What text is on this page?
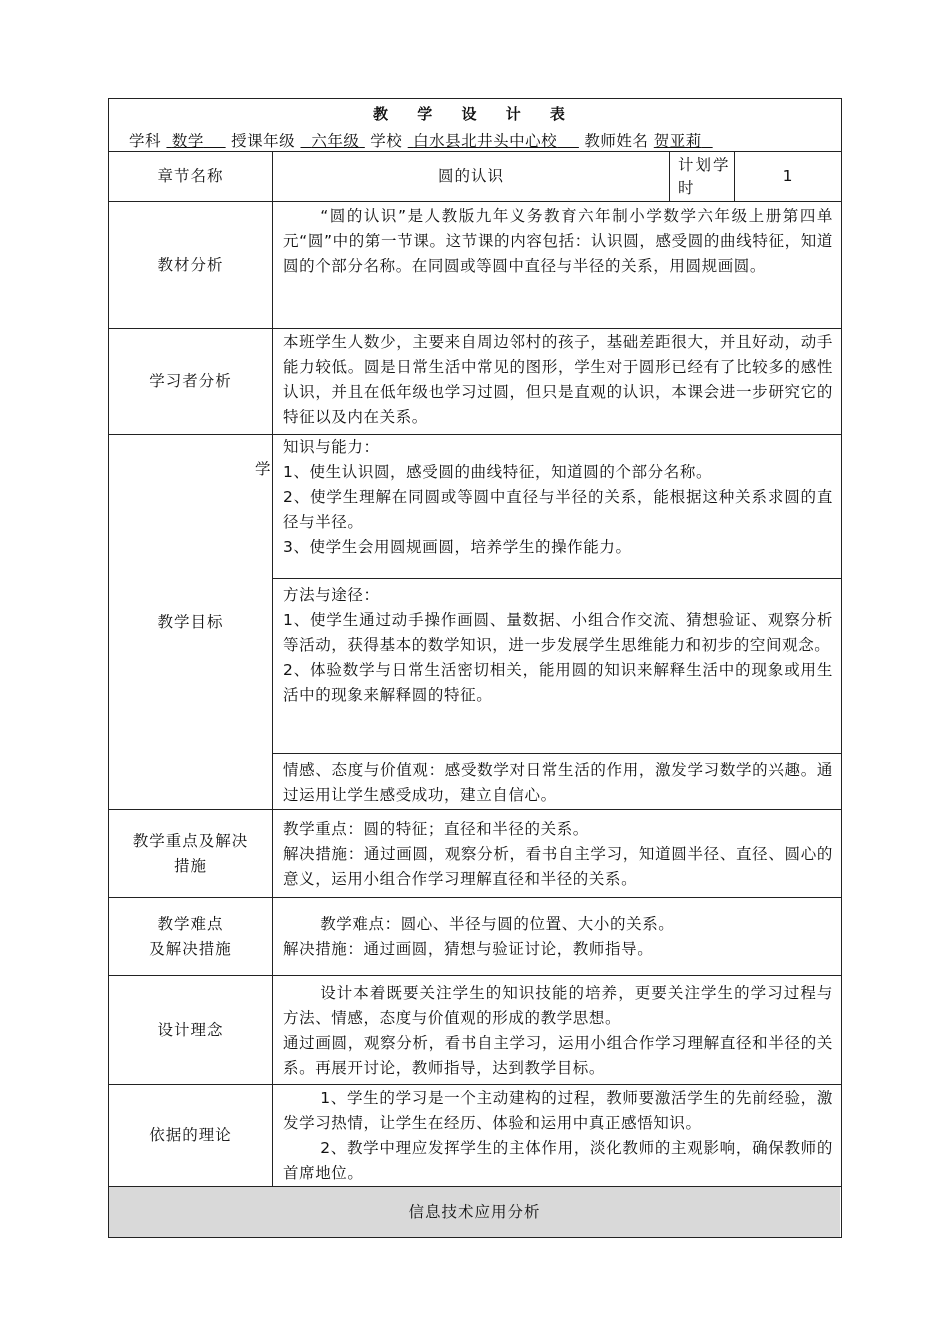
教 学 设 计 表
学科 数学 授课年级 六年级 学校 白水县北井头中心校 教师姓名 贺亚莉
章节名称	圆的认识
计划学时
1
教材分析

“圆的认识”是人教版九年义务教育六年制小学数学六年级上册第四单元“圆”中的第一节课。这节课的内容包括：认识圆，感受圆的曲线特征，知道圆的个部分名称。在同圆或等圆中直径与半径的关系，用圆规画圆。

学习者分析

本班学生人数少，主要来自周边邻村的孩子，基础差距很大，并且好动，动手能力较低。圆是日常生活中常见的图形，学生对于圆形已经有了比较多的感性认识，并且在低年级也学习过圆，但只是直观的认识，本课会进一步研究它的特征以及内在关系。

教学目标
学

知识与能力：

1、使生认识圆，感受圆的曲线特征，知道圆的个部分名称。

2、使学生理解在同圆或等圆中直径与半径的关系，能根据这种关系求圆的直径与半径。

3、使学生会用圆规画圆，培养学生的操作能力。

方法与途径：

1、使学生通过动手操作画圆、量数据、小组合作交流、猜想验证、观察分析等活动，获得基本的数学知识，进一步发展学生思维能力和初步的空间观念。

2、体验数学与日常生活密切相关，能用圆的知识来解释生活中的现象或用生活中的现象来解释圆的特征。

情感、态度与价值观：感受数学对日常生活的作用，激发学习数学的兴趣。通过运用让学生感受成功，建立自信心。

教学重点及解决措施

教学重点：圆的特征；直径和半径的关系。

解决措施：通过画圆，观察分析，看书自主学习，知道圆半径、直径、圆心的意义，运用小组合作学习理解直径和半径的关系。

教学难点
及解决措施

教学难点：圆心、半径与圆的位置、大小的关系。

解决措施：通过画圆，猜想与验证讨论，教师指导。

设计理念

设计本着既要关注学生的知识技能的培养，更要关注学生的学习过程与方法、情感，态度与价值观的形成的教学思想。

通过画圆，观察分析，看书自主学习，运用小组合作学习理解直径和半径的关系。再展开讨论，教师指导，达到教学目标。

依据的理论

1、学生的学习是一个主动建构的过程，教师要激活学生的先前经验，激发学习热情，让学生在经历、体验和运用中真正感悟知识。

2、教学中理应发挥学生的主体作用，淡化教师的主观影响，确保教师的首席地位。

信息技术应用分析
